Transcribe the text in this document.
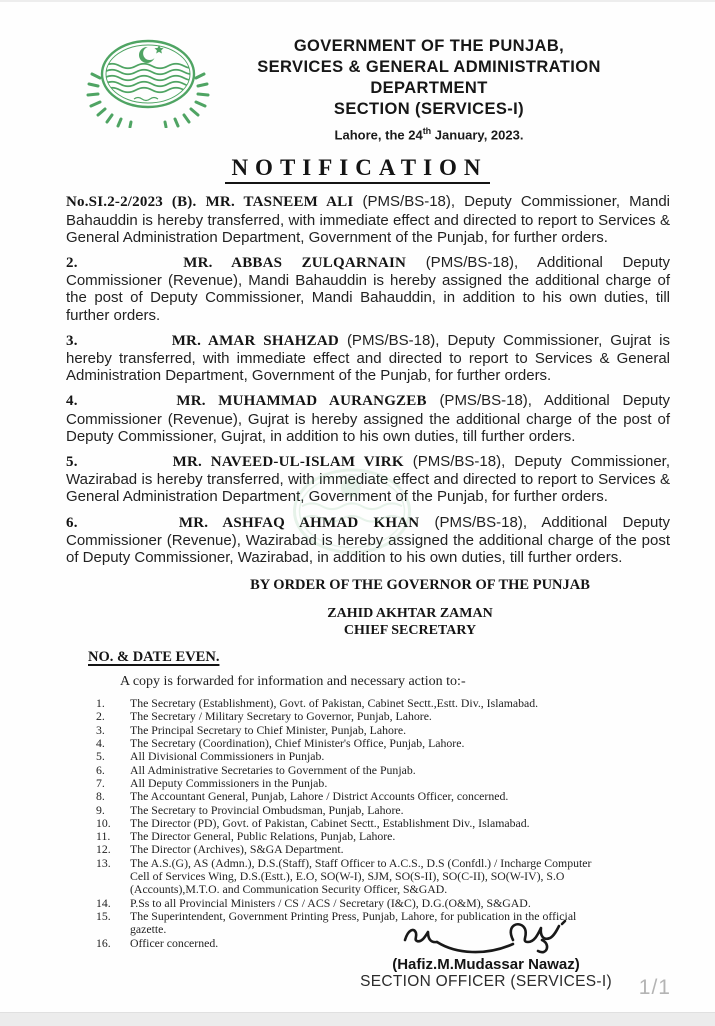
GOVERNMENT OF THE PUNJAB,
SERVICES & GENERAL ADMINISTRATION
DEPARTMENT
SECTION (SERVICES-I)
Lahore, the 24th January, 2023.
NOTIFICATION

No.SI.2-2/2023 (B). MR. TASNEEM ALI (PMS/BS-18), Deputy Commissioner, Mandi Bahauddin is hereby transferred, with immediate effect and directed to report to Services & General Administration Department, Government of the Punjab, for further orders.

2.	MR. ABBAS ZULQARNAIN (PMS/BS-18), Additional Deputy Commissioner (Revenue), Mandi Bahauddin is hereby assigned the additional charge of the post of Deputy Commissioner, Mandi Bahauddin, in addition to his own duties, till further orders.

3.	MR. AMAR SHAHZAD (PMS/BS-18), Deputy Commissioner, Gujrat is hereby transferred, with immediate effect and directed to report to Services & General Administration Department, Government of the Punjab, for further orders.

4.	MR. MUHAMMAD AURANGZEB (PMS/BS-18), Additional Deputy Commissioner (Revenue), Gujrat is hereby assigned the additional charge of the post of Deputy Commissioner, Gujrat, in addition to his own duties, till further orders.

5.	MR. NAVEED-UL-ISLAM VIRK (PMS/BS-18), Deputy Commissioner, Wazirabad is hereby transferred, with immediate effect and directed to report to Services & General Administration Department, Government of the Punjab, for further orders.

6.	MR. ASHFAQ AHMAD KHAN (PMS/BS-18), Additional Deputy Commissioner (Revenue), Wazirabad is hereby assigned the additional charge of the post of Deputy Commissioner, Wazirabad, in addition to his own duties, till further orders.

BY ORDER OF THE GOVERNOR OF THE PUNJAB
ZAHID AKHTAR ZAMAN
CHIEF SECRETARY
NO. & DATE EVEN.
A copy is forwarded for information and necessary action to:-
1.	The Secretary (Establishment), Govt. of Pakistan, Cabinet Sectt.,Estt. Div., Islamabad.
2.	The Secretary / Military Secretary to Governor, Punjab, Lahore.
3.	The Principal Secretary to Chief Minister, Punjab, Lahore.
4.	The Secretary (Coordination), Chief Minister's Office, Punjab, Lahore.
5.	All Divisional Commissioners in Punjab.
6.	All Administrative Secretaries to Government of the Punjab.
7.	All Deputy Commissioners in the Punjab.
8.	The Accountant General, Punjab, Lahore / District Accounts Officer, concerned.
9.	The Secretary to Provincial Ombudsman, Punjab, Lahore.
10.	The Director (PD), Govt. of Pakistan, Cabinet Sectt., Establishment Div., Islamabad.
11.	The Director General, Public Relations, Punjab, Lahore.
12.	The Director (Archives), S&GA Department.
13.	The A.S.(G), AS (Admn.), D.S.(Staff), Staff Officer to A.C.S., D.S (Confdl.) / Incharge Computer Cell of Services Wing, D.S.(Estt.), E.O, SO(W-I), SJM, SO(S-II), SO(C-II), SO(W-IV), S.O (Accounts),M.T.O. and Communication Security Officer, S&GAD.
14.	P.Ss to all Provincial Ministers / CS / ACS / Secretary (I&C), D.G.(O&M), S&GAD.
15.	The Superintendent, Government Printing Press, Punjab, Lahore, for publication in the official gazette.
16.	Officer concerned.
(Hafiz.M.Mudassar Nawaz)
SECTION OFFICER (SERVICES-I)	1/1
